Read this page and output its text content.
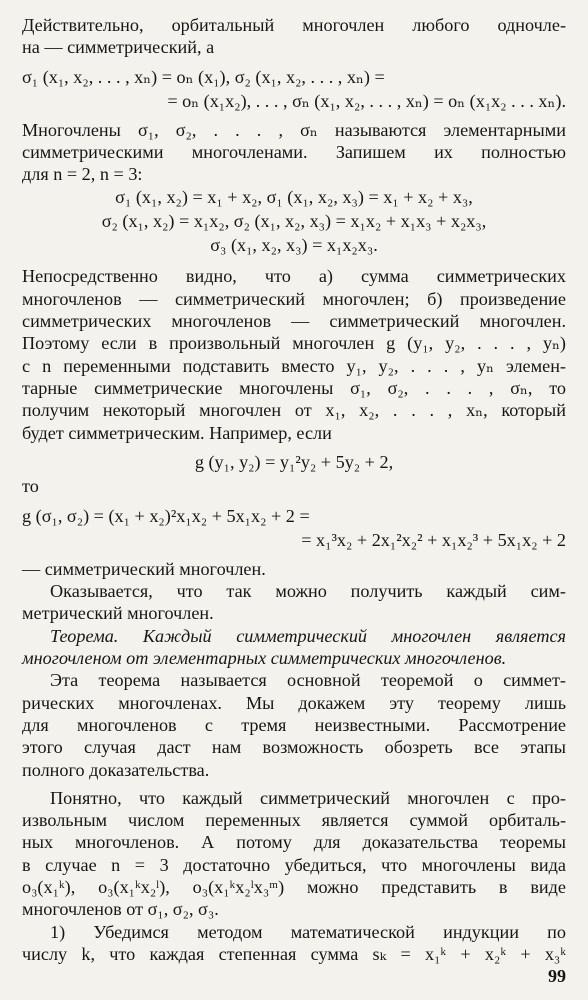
Действительно, орбитальный многочлен любого одночле-
на — симметрический, а
σ₁ (x₁, x₂, . . . , xₙ) = oₙ (x₁), σ₂ (x₁, x₂, . . . , xₙ) =
= oₙ (x₁x₂), . . . , σₙ (x₁, x₂, . . . , xₙ) = oₙ (x₁x₂ . . . xₙ).
Многочлены σ₁, σ₂, . . . , σₙ называются элементарными
симметрическими многочленами. Запишем их полностью
для n = 2, n = 3:
σ₁ (x₁, x₂) = x₁ + x₂, σ₁ (x₁, x₂, x₃) = x₁ + x₂ + x₃,
σ₂ (x₁, x₂) = x₁x₂, σ₂ (x₁, x₂, x₃) = x₁x₂ + x₁x₃ + x₂x₃,
σ₃ (x₁, x₂, x₃) = x₁x₂x₃.
Непосредственно видно, что а) сумма симметрических
многочленов — симметрический многочлен; б) произведение
симметрических многочленов — симметрический многочлен.
Поэтому если в произвольный многочлен g (y₁, y₂, . . . , yₙ)
с n переменными подставить вместо y₁, y₂, . . . , yₙ элемен-
тарные симметрические многочлены σ₁, σ₂, . . . , σₙ, то
получим некоторый многочлен от x₁, x₂, . . . , xₙ, который
будет симметрическим. Например, если
g (y₁, y₂) = y₁²y₂ + 5y₂ + 2,
то
g (σ₁, σ₂) = (x₁ + x₂)²x₁x₂ + 5x₁x₂ + 2 =
= x₁³x₂ + 2x₁²x₂² + x₁x₂³ + 5x₁x₂ + 2
— симметрический многочлен.
Оказывается, что так можно получить каждый сим-
метрический многочлен.
Теорема. Каждый симметрический многочлен является
многочленом от элементарных симметрических многочленов.
Эта теорема называется основной теоремой о симмет-
рических многочленах. Мы докажем эту теорему лишь
для многочленов с тремя неизвестными. Рассмотрение
этого случая даст нам возможность обозреть все этапы
полного доказательства.
Понятно, что каждый симметрический многочлен с про-
извольным числом переменных является суммой орбиталь-
ных многочленов. А потому для доказательства теоремы
в случае n = 3 достаточно убедиться, что многочлены вида
o₃(x₁ᵏ), o₃(x₁ᵏx₂ˡ), o₃(x₁ᵏx₂ˡx₃ᵐ) можно представить в виде
многочленов от σ₁, σ₂, σ₃.
1) Убедимся методом математической индукции по
числу k, что каждая степенная сумма sₖ = x₁ᵏ + x₂ᵏ + x₃ᵏ
99
